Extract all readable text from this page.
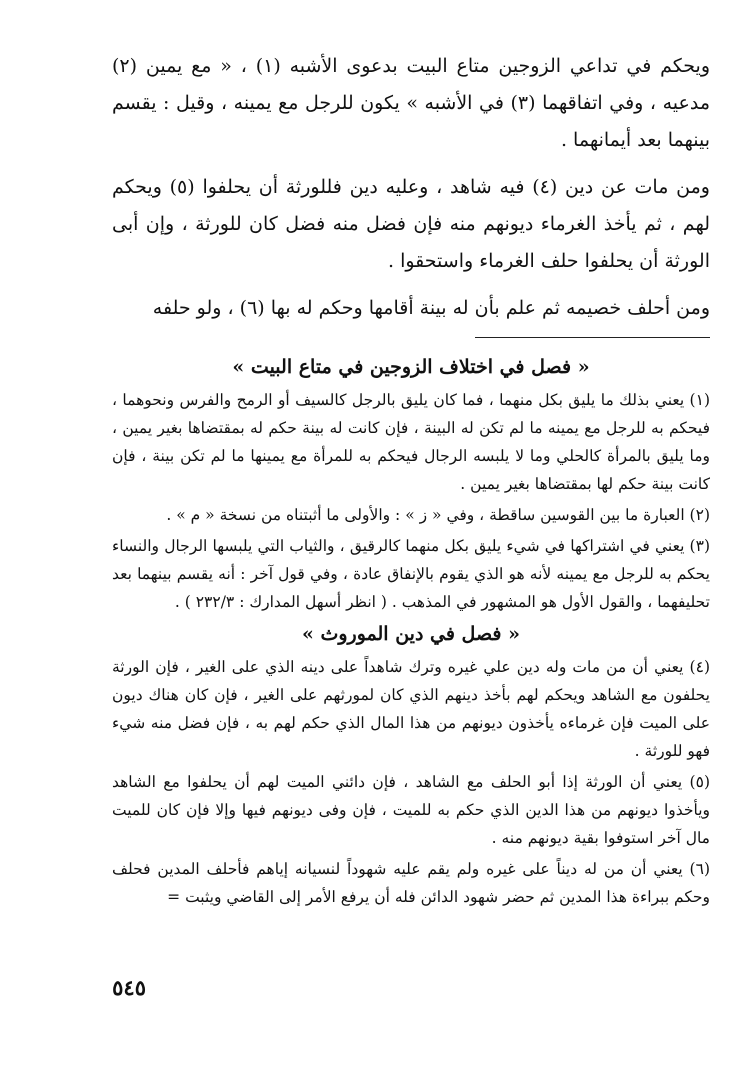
ويحكم في تداعي الزوجين متاع البيت بدعوى الأشبه (١) ، « مع يمين (٢) مدعيه ، وفي اتفاقهما (٣) في الأشبه » يكون للرجل مع يمينه ، وقيل : يقسم بينهما بعد أيمانهما .

ومن مات عن دين (٤) فيه شاهد ، وعليه دين فللورثة أن يحلفوا (٥) ويحكم لهم ، ثم يأخذ الغرماء ديونهم منه فإن فضل منه فضل كان للورثة ، وإن أبى الورثة أن يحلفوا حلف الغرماء واستحقوا .

ومن أحلف خصيمه ثم علم بأن له بينة أقامها وحكم له بها (٦) ، ولو حلفه

« فصل في اختلاف الزوجين في متاع البيت »

(١) يعني بذلك ما يليق بكل منهما ، فما كان يليق بالرجل كالسيف أو الرمح والفرس ونحوهما ، فيحكم به للرجل مع يمينه ما لم تكن له البينة ، فإن كانت له بينة حكم له بمقتضاها بغير يمين ، وما يليق بالمرأة كالحلي وما لا يلبسه الرجال فيحكم به للمرأة مع يمينها ما لم تكن بينة ، فإن كانت بينة حكم لها بمقتضاها بغير يمين .

(٢) العبارة ما بين القوسين ساقطة ، وفي « ز » : والأولى ما أثبتناه من نسخة « م » .

(٣) يعني في اشتراكها في شيء يليق بكل منهما كالرقيق ، والثياب التي يلبسها الرجال والنساء يحكم به للرجل مع يمينه لأنه هو الذي يقوم بالإنفاق عادة ، وفي قول آخر : أنه يقسم بينهما بعد تحليفهما ، والقول الأول هو المشهور في المذهب . ( انظر أسهل المدارك : ٢٣٢/٣ ) .

« فصل في دين الموروث »

(٤) يعني أن من مات وله دين علي غيره وترك شاهداً على دينه الذي على الغير ، فإن الورثة يحلفون مع الشاهد ويحكم لهم بأخذ دينهم الذي كان لمورثهم على الغير ، فإن كان هناك ديون على الميت فإن غرماءه يأخذون ديونهم من هذا المال الذي حكم لهم به ، فإن فضل منه شيء فهو للورثة .

(٥) يعني أن الورثة إذا أبو الحلف مع الشاهد ، فإن دائني الميت لهم أن يحلفوا مع الشاهد ويأخذوا ديونهم من هذا الدين الذي حكم به للميت ، فإن وفى ديونهم فيها وإلا فإن كان للميت مال آخر استوفوا بقية ديونهم منه .

(٦) يعني أن من له ديناً على غيره ولم يقم عليه شهوداً لنسيانه إياهم فأحلف المدين فحلف وحكم ببراءة هذا المدين ثم حضر شهود الدائن فله أن يرفع الأمر إلى القاضي ويثبت =

٥٤٥
